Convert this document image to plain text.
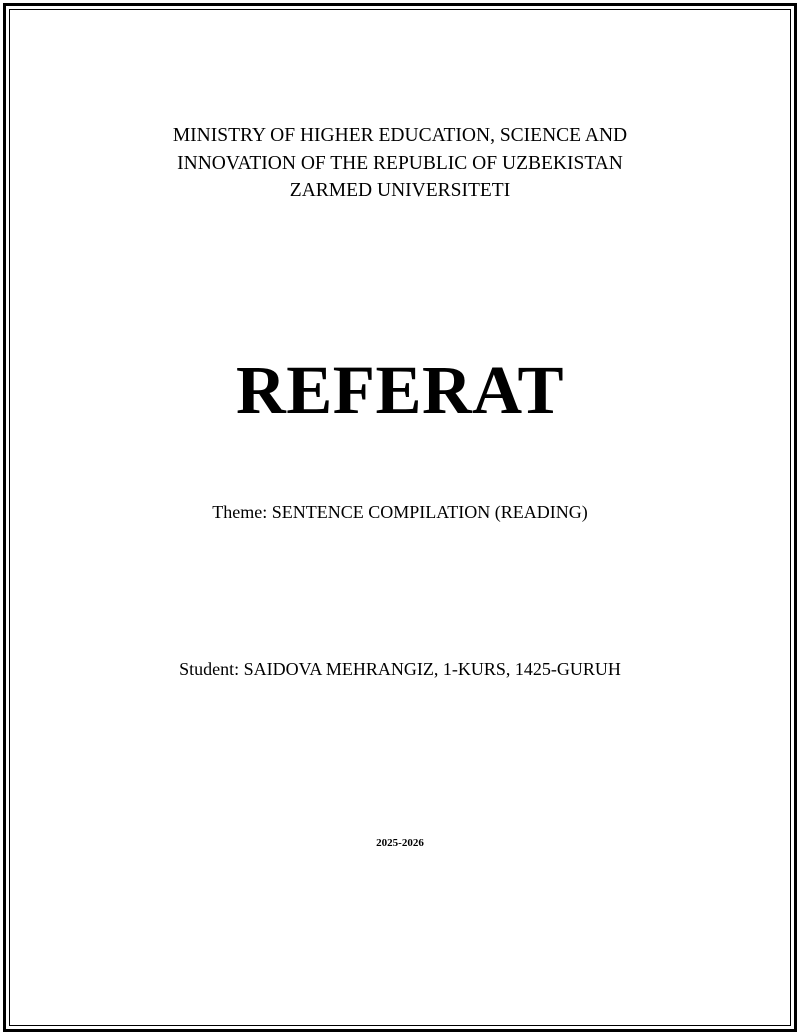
MINISTRY OF HIGHER EDUCATION, SCIENCE AND
INNOVATION OF THE REPUBLIC OF UZBEKISTAN
ZARMED UNIVERSITETI
REFERAT
Theme: SENTENCE COMPILATION (READING)
Student: SAIDOVA MEHRANGIZ, 1-KURS, 1425-GURUH
2025-2026
